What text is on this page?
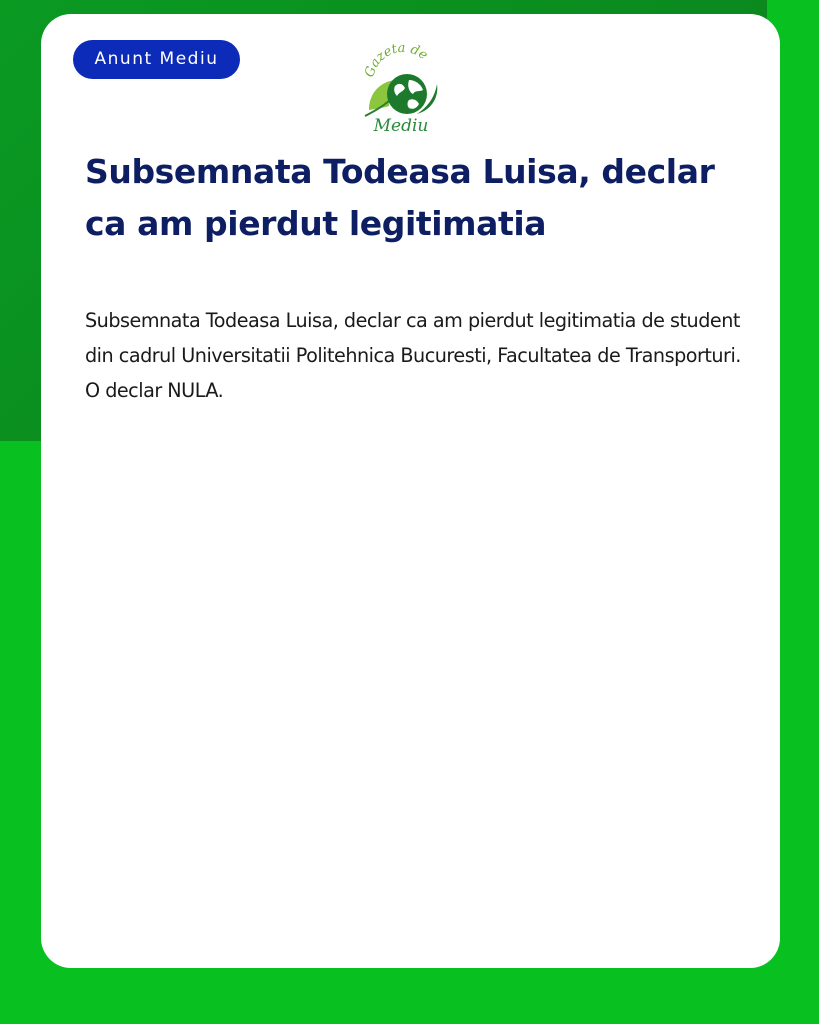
Anunt Mediu
Gazeta de
Mediu
Subsemnata Todeasa Luisa, declar ca am pierdut legitimatia

Subsemnata Todeasa Luisa, declar ca am pierdut legitimatia de student din cadrul Universitatii Politehnica Bucuresti, Facultatea de Transporturi. O declar NULA.
